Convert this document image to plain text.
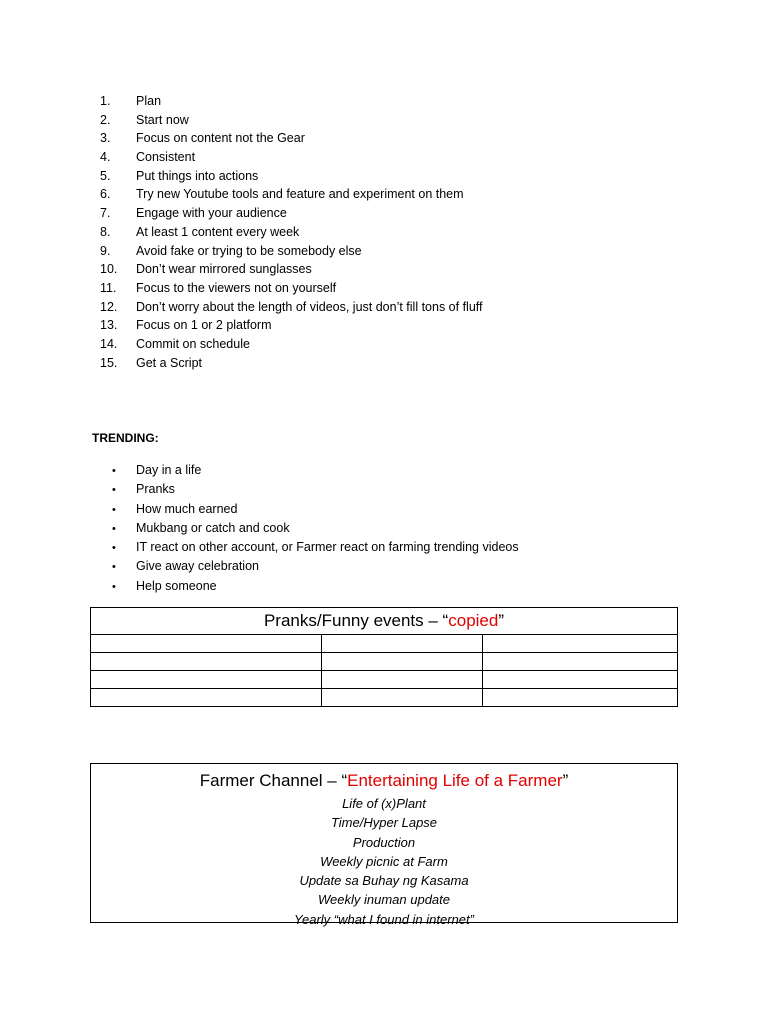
1. Plan
2. Start now
3. Focus on content not the Gear
4. Consistent
5. Put things into actions
6. Try new Youtube tools and feature and experiment on them
7. Engage with your audience
8. At least 1 content every week
9. Avoid fake or trying to be somebody else
10. Don’t wear mirrored sunglasses
11. Focus to the viewers not on yourself
12. Don’t worry about the length of videos, just don’t fill tons of fluff
13. Focus on 1 or 2 platform
14. Commit on schedule
15. Get a Script
TRENDING:
• Day in a life
• Pranks
• How much earned
• Mukbang or catch and cook
• IT react on other account, or Farmer react on farming trending videos
• Give away celebration
• Help someone
Pranks/Funny events – “copied”		

Farmer Channel – “Entertaining Life of a Farmer”
Life of (x)Plant
Time/Hyper Lapse
Production
Weekly picnic at Farm
Update sa Buhay ng Kasama
Weekly inuman update
Yearly “what I found in internet”
